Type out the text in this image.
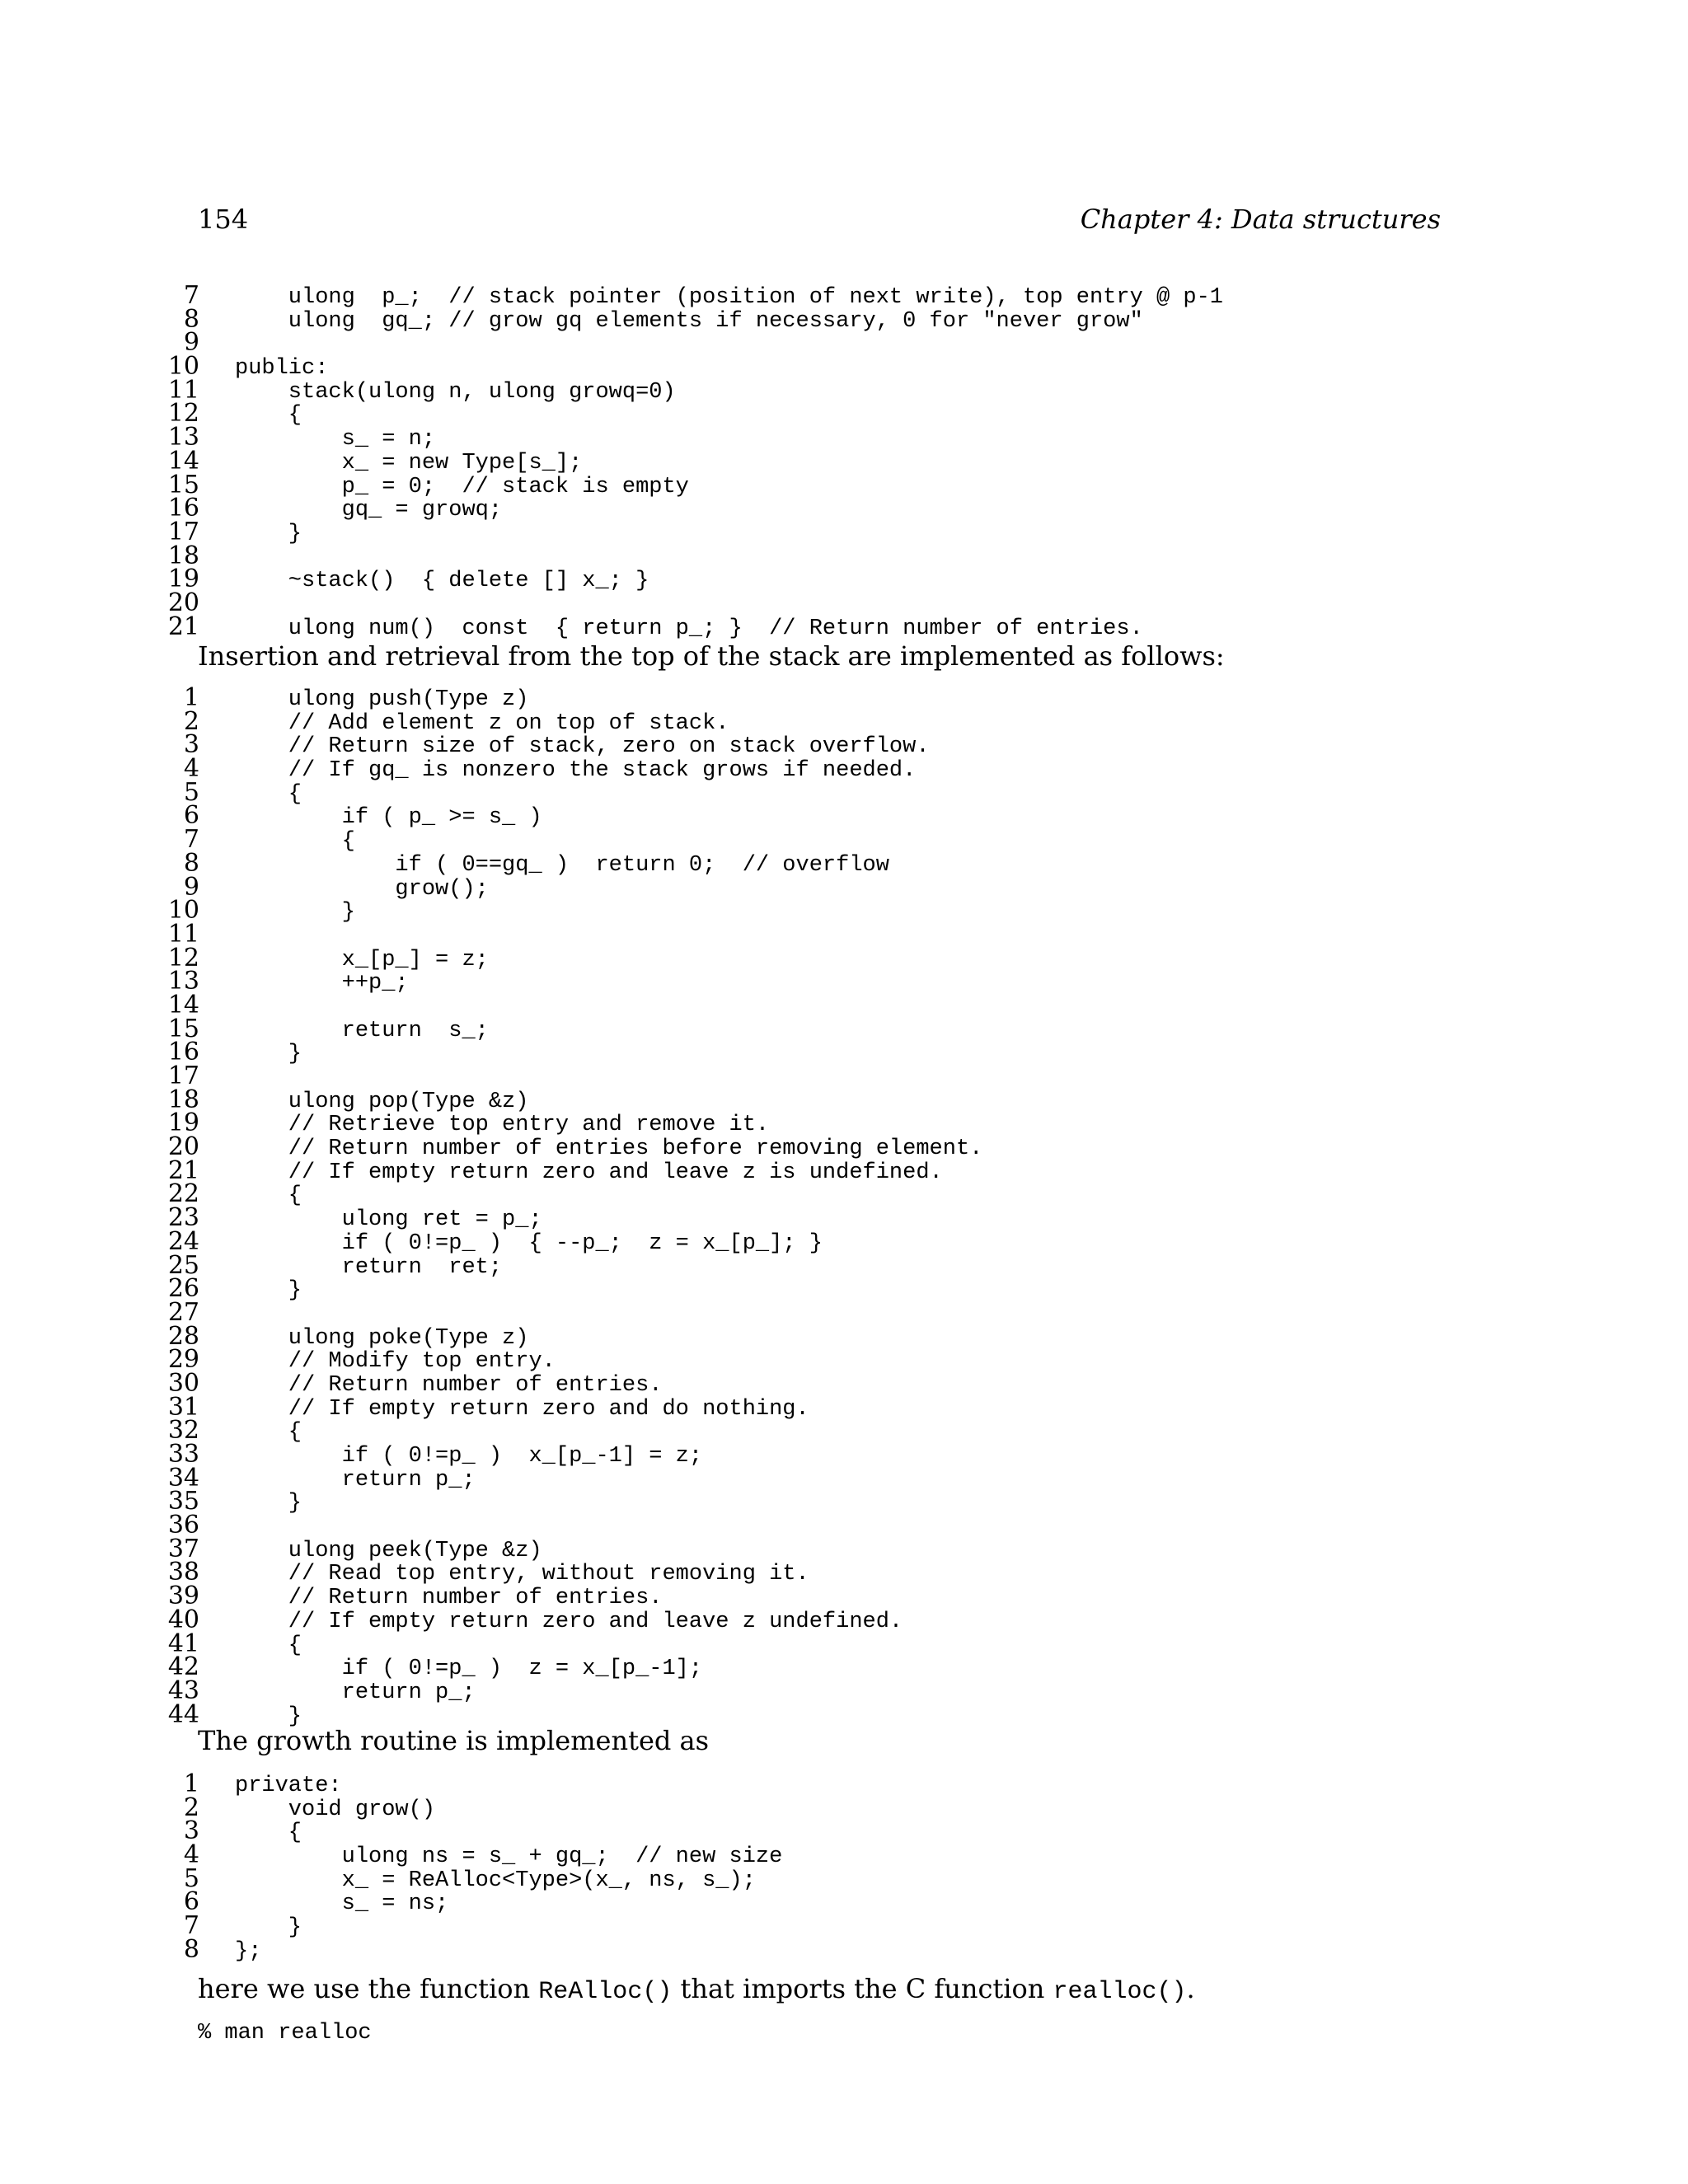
154	Chapter 4: Data structures
7 ulong  p_;  // stack pointer (position of next write), top entry @ p-1
8 ulong  gq_; // grow gq elements if necessary, 0 for "never grow"
9
10 public:
11 stack(ulong n, ulong growq=0)
12 {
13 s_ = n;
14 x_ = new Type[s_];
15 p_ = 0;  // stack is empty
16 gq_ = growq;
17 }
18
19 ~stack()  { delete [] x_; }
20
21 ulong num()  const  { return p_; }  // Return number of entries.
Insertion and retrieval from the top of the stack are implemented as follows:
1 ulong push(Type z)
2 // Add element z on top of stack.
3 // Return size of stack, zero on stack overflow.
4 // If gq_ is nonzero the stack grows if needed.
5 {
6 if ( p_ >= s_ )
7 {
8 if ( 0==gq_ )  return 0;  // overflow
9 grow();
10 }
11
12 x_[p_] = z;
13 ++p_;
14
15 return  s_;
16 }
17
18 ulong pop(Type &z)
19 // Retrieve top entry and remove it.
20 // Return number of entries before removing element.
21 // If empty return zero and leave z is undefined.
22 {
23 ulong ret = p_;
24 if ( 0!=p_ )  { --p_;  z = x_[p_]; }
25 return  ret;
26 }
27
28 ulong poke(Type z)
29 // Modify top entry.
30 // Return number of entries.
31 // If empty return zero and do nothing.
32 {
33 if ( 0!=p_ )  x_[p_-1] = z;
34 return p_;
35 }
36
37 ulong peek(Type &z)
38 // Read top entry, without removing it.
39 // Return number of entries.
40 // If empty return zero and leave z undefined.
41 {
42 if ( 0!=p_ )  z = x_[p_-1];
43 return p_;
44 }
The growth routine is implemented as
1 private:
2 void grow()
3 {
4 ulong ns = s_ + gq_;  // new size
5 x_ = ReAlloc<Type>(x_, ns, s_);
6 s_ = ns;
7 }
8 };
here we use the function ReAlloc() that imports the C function realloc().
% man realloc
